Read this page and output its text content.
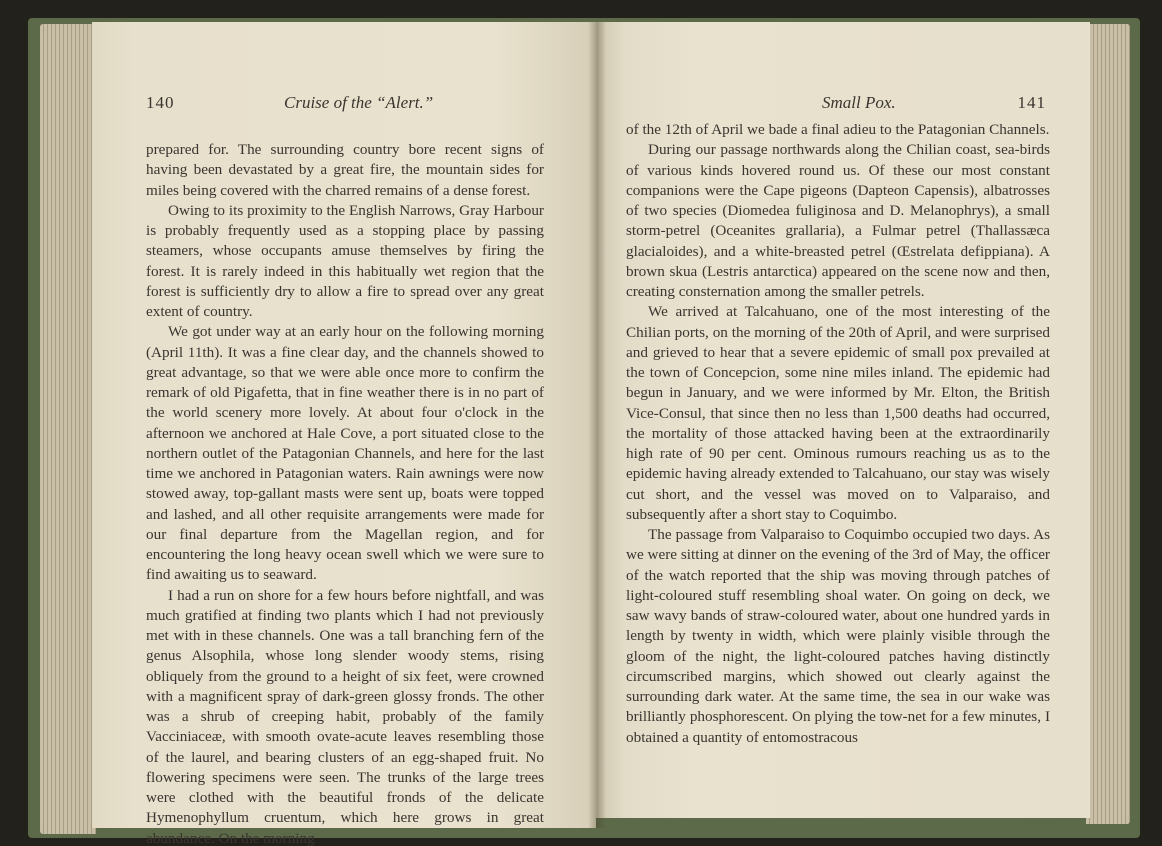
140	Cruise of the “Alert.”

prepared for. The surrounding country bore recent signs of having been devastated by a great fire, the mountain sides for miles being covered with the charred remains of a dense forest.

Owing to its proximity to the English Narrows, Gray Harbour is probably frequently used as a stopping place by passing steamers, whose occupants amuse themselves by firing the forest. It is rarely indeed in this habitually wet region that the forest is sufficiently dry to allow a fire to spread over any great extent of country.

We got under way at an early hour on the following morning (April 11th). It was a fine clear day, and the channels showed to great advantage, so that we were able once more to confirm the remark of old Pigafetta, that in fine weather there is in no part of the world scenery more lovely. At about four o'clock in the afternoon we anchored at Hale Cove, a port situated close to the northern outlet of the Patagonian Channels, and here for the last time we anchored in Patagonian waters. Rain awnings were now stowed away, top-gallant masts were sent up, boats were topped and lashed, and all other requisite arrangements were made for our final departure from the Magellan region, and for encountering the long heavy ocean swell which we were sure to find awaiting us to seaward.

I had a run on shore for a few hours before nightfall, and was much gratified at finding two plants which I had not previously met with in these channels. One was a tall branching fern of the genus Alsophila, whose long slender woody stems, rising obliquely from the ground to a height of six feet, were crowned with a magnificent spray of dark-green glossy fronds. The other was a shrub of creeping habit, probably of the family Vacciniaceæ, with smooth ovate-acute leaves resembling those of the laurel, and bearing clusters of an egg-shaped fruit. No flowering specimens were seen. The trunks of the large trees were clothed with the beautiful fronds of the delicate Hymenophyllum cruentum, which here grows in great abundance. On the morning

Small Pox.	141

of the 12th of April we bade a final adieu to the Patagonian Channels.

During our passage northwards along the Chilian coast, sea-birds of various kinds hovered round us. Of these our most constant companions were the Cape pigeons (Dapteon Capensis), albatrosses of two species (Diomedea fuliginosa and D. Melanophrys), a small storm-petrel (Oceanites grallaria), a Fulmar petrel (Thallassæca glacialoides), and a white-breasted petrel (Œstrelata defippiana). A brown skua (Lestris antarctica) appeared on the scene now and then, creating consternation among the smaller petrels.

We arrived at Talcahuano, one of the most interesting of the Chilian ports, on the morning of the 20th of April, and were surprised and grieved to hear that a severe epidemic of small pox prevailed at the town of Concepcion, some nine miles inland. The epidemic had begun in January, and we were informed by Mr. Elton, the British Vice-Consul, that since then no less than 1,500 deaths had occurred, the mortality of those attacked having been at the extraordinarily high rate of 90 per cent. Ominous rumours reaching us as to the epidemic having already extended to Talcahuano, our stay was wisely cut short, and the vessel was moved on to Valparaiso, and subsequently after a short stay to Coquimbo.

The passage from Valparaiso to Coquimbo occupied two days. As we were sitting at dinner on the evening of the 3rd of May, the officer of the watch reported that the ship was moving through patches of light-coloured stuff resembling shoal water. On going on deck, we saw wavy bands of straw-coloured water, about one hundred yards in length by twenty in width, which were plainly visible through the gloom of the night, the light-coloured patches having distinctly circumscribed margins, which showed out clearly against the surrounding dark water. At the same time, the sea in our wake was brilliantly phosphorescent. On plying the tow-net for a few minutes, I obtained a quantity of entomostracous
